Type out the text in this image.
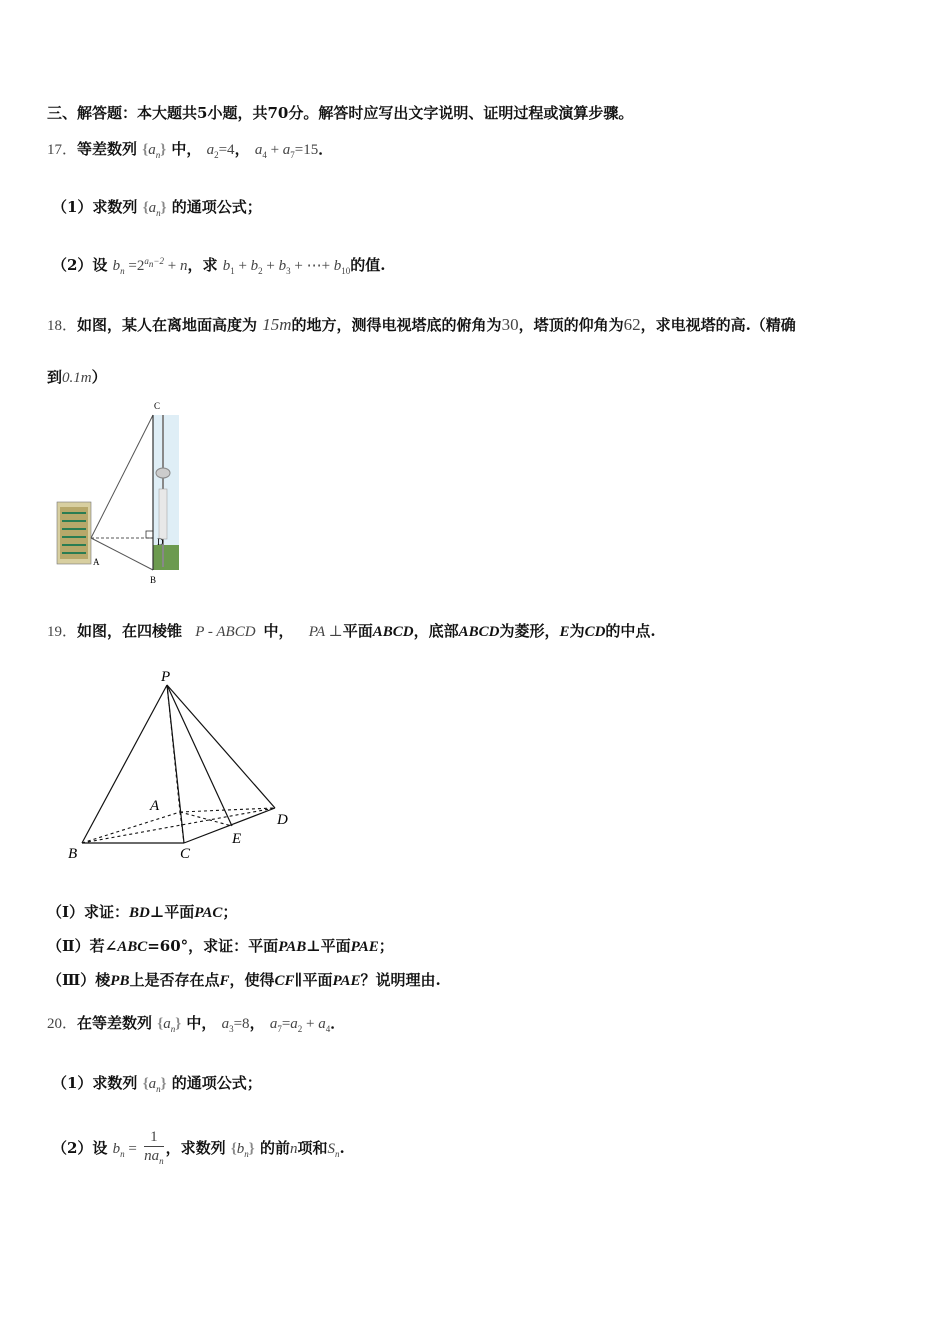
三、解答题：本大题共5小题，共70分。解答时应写出文字说明、证明过程或演算步骤。
17．等差数列 $\{a_n\}$ 中， $a_2=4$， $a_4 + a_7=15$．
（1）求数列 $\{a_n\}$ 的通项公式；
（2）设 $b_n =2^{a_n-2} + n$，求 $b_1 + b_2 + b_3$ + ⋯+ $b_{10}$的值.
18．如图，某人在离地面高度为 15m的地方，测得电视塔底的俯角为30，塔顶的仰角为62，求电视塔的高.（精确
到0.1m）
C
A
D
B
19．如图，在四棱锥 P - ABCD 中， PA ⊥平面ABCD，底部ABCD为菱形，E为CD的中点.
P
A
D
E
B	C
（Ⅰ）求证：BD⊥平面PAC；
（Ⅱ）若∠ABC=60°，求证：平面PAB⊥平面PAE；
（Ⅲ）棱PB上是否存在点F，使得CF∥平面PAE？说明理由.
20．在等差数列 $\{a_n\}$ 中， $a_3=8$， $a_7=a_2 + a_4$．
（1）求数列 $\{a_n\}$ 的通项公式；
（2）设 $b_n = \frac{1}{na_n}$ ，求数列 $\{b_n\}$ 的前n项和$S_n$.
